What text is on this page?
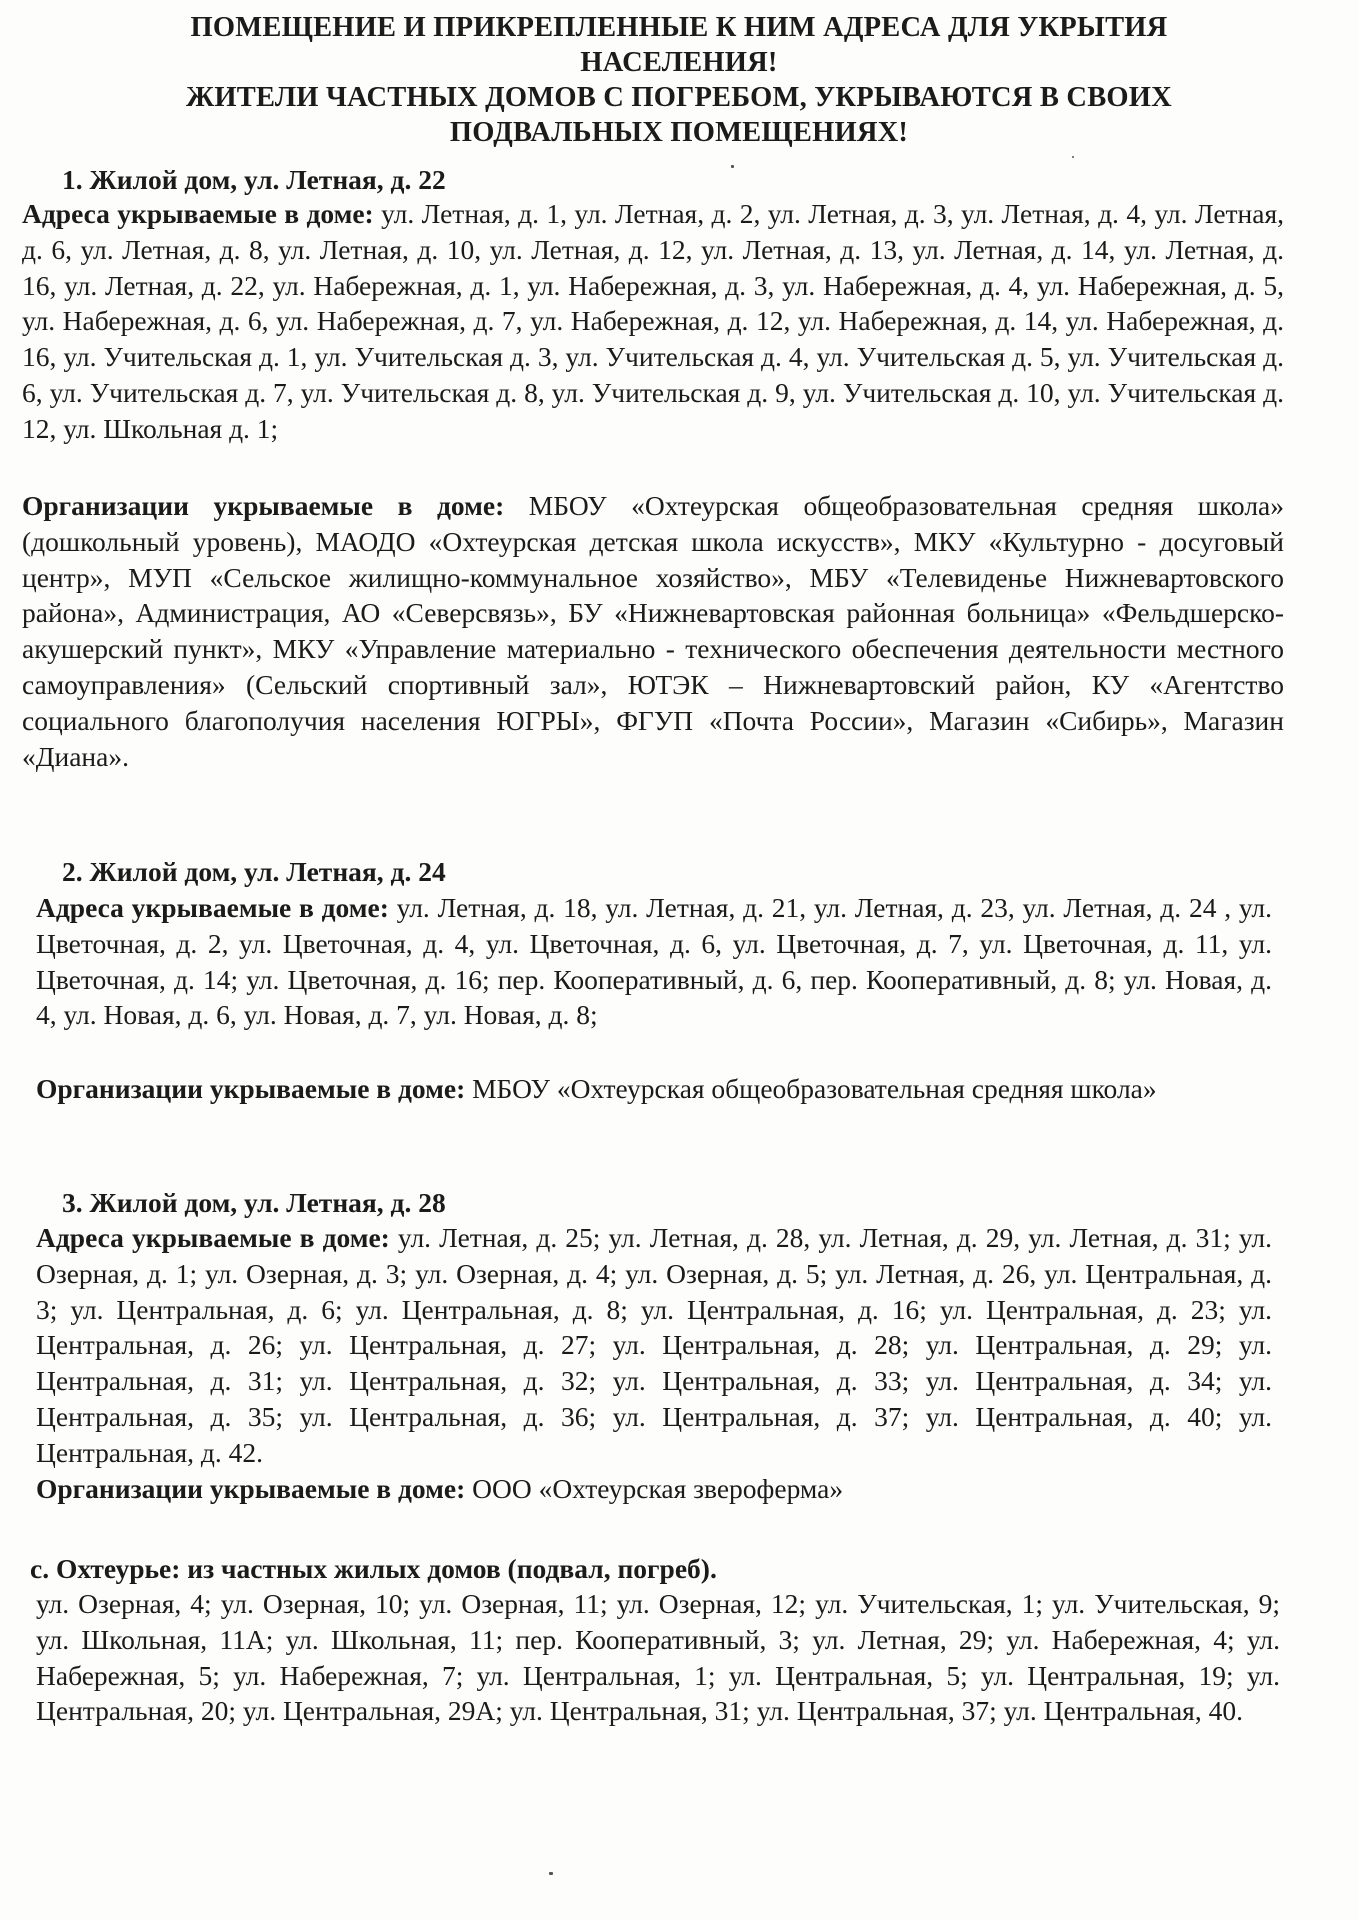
ПОМЕЩЕНИЕ И ПРИКРЕПЛЕННЫЕ К НИМ АДРЕСА ДЛЯ УКРЫТИЯ
НАСЕЛЕНИЯ!
ЖИТЕЛИ ЧАСТНЫХ ДОМОВ С ПОГРЕБОМ, УКРЫВАЮТСЯ В СВОИХ
ПОДВАЛЬНЫХ ПОМЕЩЕНИЯХ!
1. Жилой дом, ул. Летная, д. 22
Адреса укрываемые в доме: ул. Летная, д. 1, ул. Летная, д. 2, ул. Летная, д. 3, ул. Летная, д. 4, ул. Летная, д. 6, ул. Летная, д. 8, ул. Летная, д. 10, ул. Летная, д. 12, ул. Летная, д. 13, ул. Летная, д. 14, ул. Летная, д. 16, ул. Летная, д. 22, ул. Набережная, д. 1, ул. Набережная, д. 3, ул. Набережная, д. 4, ул. Набережная, д. 5, ул. Набережная, д. 6, ул. Набережная, д. 7, ул. Набережная, д. 12, ул. Набережная, д. 14, ул. Набережная, д. 16, ул. Учительская д. 1, ул. Учительская д. 3, ул. Учительская д. 4, ул. Учительская д. 5, ул. Учительская д. 6, ул. Учительская д. 7, ул. Учительская д. 8, ул. Учительская д. 9, ул. Учительская д. 10, ул. Учительская д. 12, ул. Школьная д. 1;
Организации укрываемые в доме: МБОУ «Охтеурская общеобразовательная средняя школа» (дошкольный уровень), МАОДО «Охтеурская детская школа искусств», МКУ «Культурно - досуговый центр», МУП «Сельское жилищно-коммунальное хозяйство», МБУ «Телевиденье Нижневартовского района», Администрация, АО «Северсвязь», БУ «Нижневартовская районная больница» «Фельдшерско-акушерский пункт», МКУ «Управление материально - технического обеспечения деятельности местного самоуправления» (Сельский спортивный зал», ЮТЭК – Нижневартовский район, КУ «Агентство социального благополучия населения ЮГРЫ», ФГУП «Почта России», Магазин «Сибирь», Магазин «Диана».
2. Жилой дом, ул. Летная, д. 24
Адреса укрываемые в доме: ул. Летная, д. 18, ул. Летная, д. 21, ул. Летная, д. 23, ул. Летная, д. 24 , ул. Цветочная, д. 2, ул. Цветочная, д. 4, ул. Цветочная, д. 6, ул. Цветочная, д. 7, ул. Цветочная, д. 11, ул. Цветочная, д. 14; ул. Цветочная, д. 16; пер. Кооперативный, д. 6, пер. Кооперативный, д. 8; ул. Новая, д. 4, ул. Новая, д. 6, ул. Новая, д. 7, ул. Новая, д. 8;
Организации укрываемые в доме: МБОУ «Охтеурская общеобразовательная средняя школа»
3. Жилой дом, ул. Летная, д. 28
Адреса укрываемые в доме: ул. Летная, д. 25; ул. Летная, д. 28, ул. Летная, д. 29, ул. Летная, д. 31; ул. Озерная, д. 1; ул. Озерная, д. 3; ул. Озерная, д. 4; ул. Озерная, д. 5; ул. Летная, д. 26, ул. Центральная, д. 3; ул. Центральная, д. 6; ул. Центральная, д. 8; ул. Центральная, д. 16; ул. Центральная, д. 23; ул. Центральная, д. 26; ул. Центральная, д. 27; ул. Центральная, д. 28; ул. Центральная, д. 29; ул. Центральная, д. 31; ул. Центральная, д. 32; ул. Центральная, д. 33; ул. Центральная, д. 34; ул. Центральная, д. 35; ул. Центральная, д. 36; ул. Центральная, д. 37; ул. Центральная, д. 40; ул. Центральная, д. 42.
Организации укрываемые в доме: ООО «Охтеурская звероферма»
с. Охтеурье: из частных жилых домов (подвал, погреб).
ул. Озерная, 4; ул. Озерная, 10; ул. Озерная, 11; ул. Озерная, 12; ул. Учительская, 1; ул. Учительская, 9; ул. Школьная, 11А; ул. Школьная, 11; пер. Кооперативный, 3; ул. Летная, 29; ул. Набережная, 4; ул. Набережная, 5; ул. Набережная, 7; ул. Центральная, 1; ул. Центральная, 5; ул. Центральная, 19; ул. Центральная, 20; ул. Центральная, 29А; ул. Центральная, 31; ул. Центральная, 37; ул. Центральная, 40.
